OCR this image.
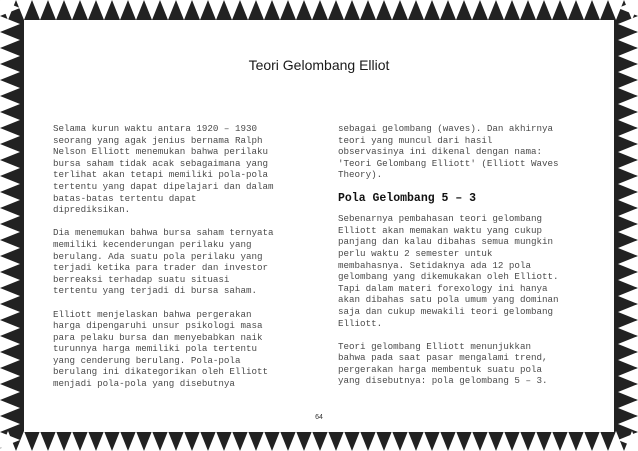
Teori Gelombang Elliot

Selama kurun waktu antara 1920 – 1930
seorang yang agak jenius bernama Ralph
Nelson Elliott menemukan bahwa perilaku
bursa saham tidak acak sebagaimana yang
terlihat akan tetapi memiliki pola-pola
tertentu yang dapat dipelajari dan dalam
batas-batas tertentu dapat
diprediksikan.

Dia menemukan bahwa bursa saham ternyata
memiliki kecenderungan perilaku yang
berulang. Ada suatu pola perilaku yang
terjadi ketika para trader dan investor
berreaksi terhadap suatu situasi
tertentu yang terjadi di bursa saham.

Elliott menjelaskan bahwa pergerakan
harga dipengaruhi unsur psikologi masa
para pelaku bursa dan menyebabkan naik
turunnya harga memiliki pola tertentu
yang cenderung berulang. Pola-pola
berulang ini dikategorikan oleh Elliott
menjadi pola-pola yang disebutnya

sebagai gelombang (waves). Dan akhirnya
teori yang muncul dari hasil
observasinya ini dikenal dengan nama:
'Teori Gelombang Elliott' (Elliott Waves
Theory).

Pola Gelombang 5 – 3

Sebenarnya pembahasan teori gelombang
Elliott akan memakan waktu yang cukup
panjang dan kalau dibahas semua mungkin
perlu waktu 2 semester untuk
membahasnya. Setidaknya ada 12 pola
gelombang yang dikemukakan oleh Elliott.
Tapi dalam materi forexology ini hanya
akan dibahas satu pola umum yang dominan
saja dan cukup mewakili teori gelombang
Elliott.

Teori gelombang Elliott menunjukkan
bahwa pada saat pasar mengalami trend,
pergerakan harga membentuk suatu pola
yang disebutnya: pola gelombang 5 – 3.

64
